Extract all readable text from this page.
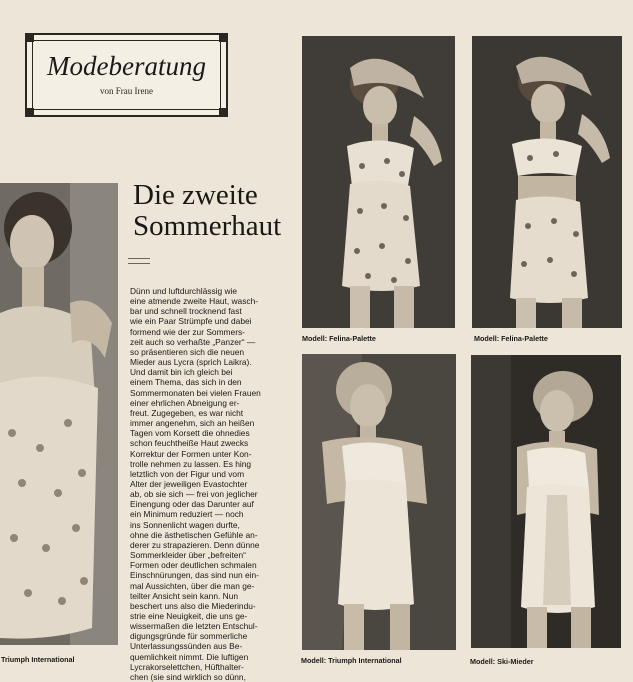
Modeberatung
von Frau Irene
Die zweite
Sommerhaut

Dünn und luftdurchlässig wie
eine atmende zweite Haut, wasch-
bar und schnell trocknend fast
wie ein Paar Strümpfe und dabei
formend wie der zur Sommers-
zeit auch so verhaßte „Panzer“ —
so präsentieren sich die neuen
Mieder aus Lycra (sprich Laikra).
Und damit bin ich gleich bei
einem Thema, das sich in den
Sommermonaten bei vielen Frauen
einer ehrlichen Abneigung er-
freut. Zugegeben, es war nicht
immer angenehm, sich an heißen
Tagen vom Korsett die ohnedies
schon feuchtheiße Haut zwecks
Korrektur der Formen unter Kon-
trolle nehmen zu lassen. Es hing
letztlich von der Figur und vom
Alter der jeweiligen Evastochter
ab, ob sie sich — frei von jeglicher
Einengung oder das Darunter auf
ein Minimum reduziert — noch
ins Sonnenlicht wagen durfte,
ohne die ästhetischen Gefühle an-
derer zu strapazieren. Denn dünne
Sommerkleider über „befreiten“
Formen oder deutlichen schmalen
Einschnürungen, das sind nun ein-
mal Aussichten, über die man ge-
teilter Ansicht sein kann. Nun
beschert uns also die Miederindu-
strie eine Neuigkeit, die uns ge-
wissermaßen die letzten Entschul-
digungsgründe für sommerliche
Unterlassungssünden aus Be-
quemlichkeit nimmt. Die luftigen
Lycrakorselettchen, Hüfthalter-
chen (sie sind wirklich so dünn,

Triumph International
Modell: Felina-Palette	Modell: Felina-Palette
Modell: Triumph International	Modell: Ski-Mieder
